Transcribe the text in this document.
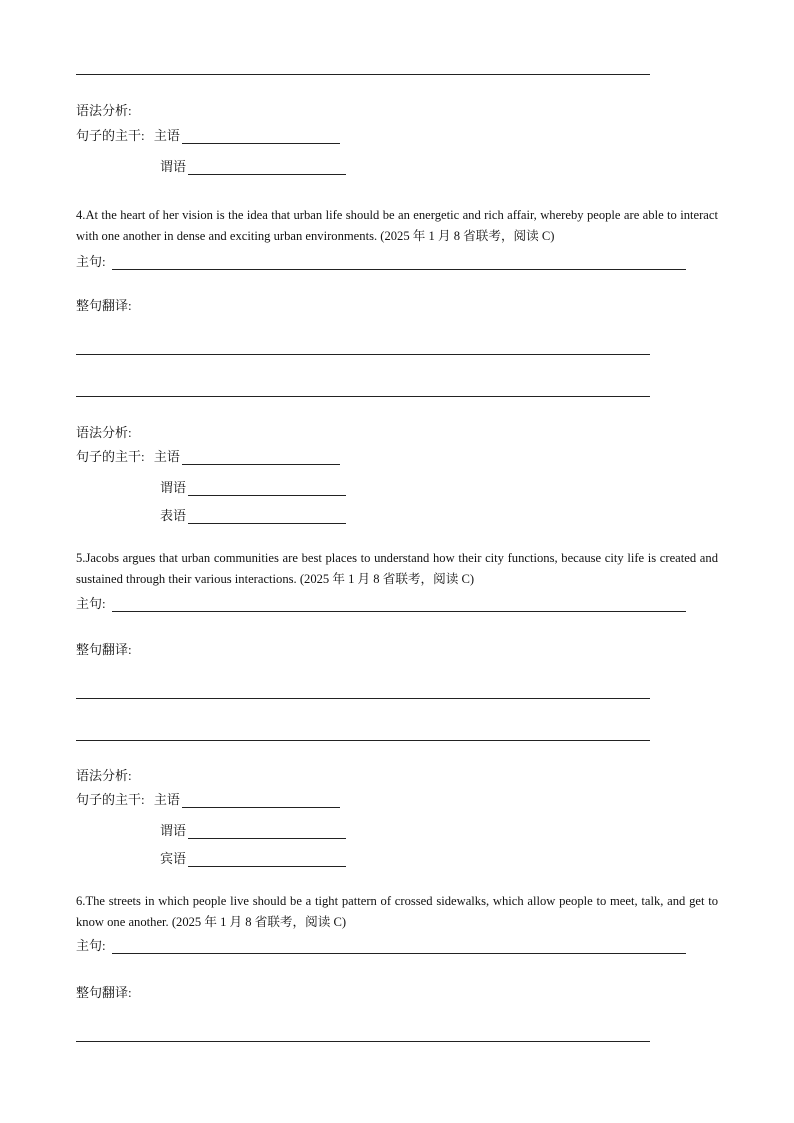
语法分析:
句子的主干: 主语
谓语
4.At the heart of her vision is the idea that urban life should be an energetic and rich affair, whereby people are able to interact with one another in dense and exciting urban environments. (2025 年 1 月 8 省联考，阅读 C)
主句:
整句翻译:
语法分析:
句子的主干: 主语
谓语
表语
5.Jacobs argues that urban communities are best places to understand how their city functions, because city life is created and sustained through their various interactions. (2025 年 1 月 8 省联考，阅读 C)
主句:
整句翻译:
语法分析:
句子的主干: 主语
谓语
宾语
6.The streets in which people live should be a tight pattern of crossed sidewalks, which allow people to meet, talk, and get to know one another. (2025 年 1 月 8 省联考，阅读 C)
主句:
整句翻译:
